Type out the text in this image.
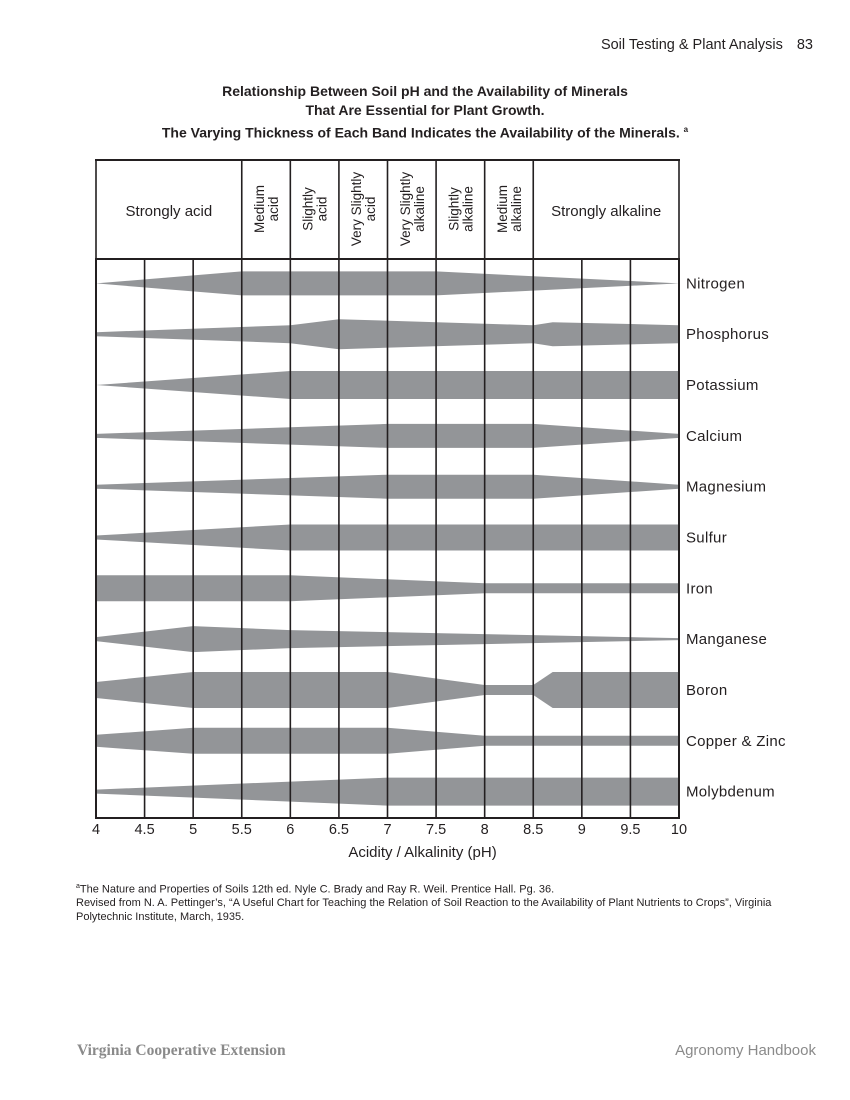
Soil Testing & Plant Analysis 83
Relationship Between Soil pH and the Availability of Minerals
That Are Essential for Plant Growth.
The Varying Thickness of Each Band Indicates the Availability of the Minerals. $^a$
Nitrogen
Phosphorus
Potassium
Calcium
Magnesium
Sulfur
Iron
Manganese
Boron
Copper & Zinc
Molybdenum
Strongly acid	Mediumacid Slightlyacid Very Slightlyacid Very Slightlyalkaline Slightlyalkaline Mediumalkaline Strongly alkaline
4 4.5 5 5.5 6 6.5 7 7.5 8 8.5 9 9.5 10
Acidity / Alkalinity (pH)
$^a$The Nature and Properties of Soils 12th ed. Nyle C. Brady and Ray R. Weil. Prentice Hall. Pg. 36.
Revised from N. A. Pettinger’s, “A Useful Chart for Teaching the Relation of Soil Reaction to the Availability of Plant Nutrients to Crops”, Virginia Polytechnic Institute, March, 1935.
Virginia Cooperative Extension	Agronomy Handbook
